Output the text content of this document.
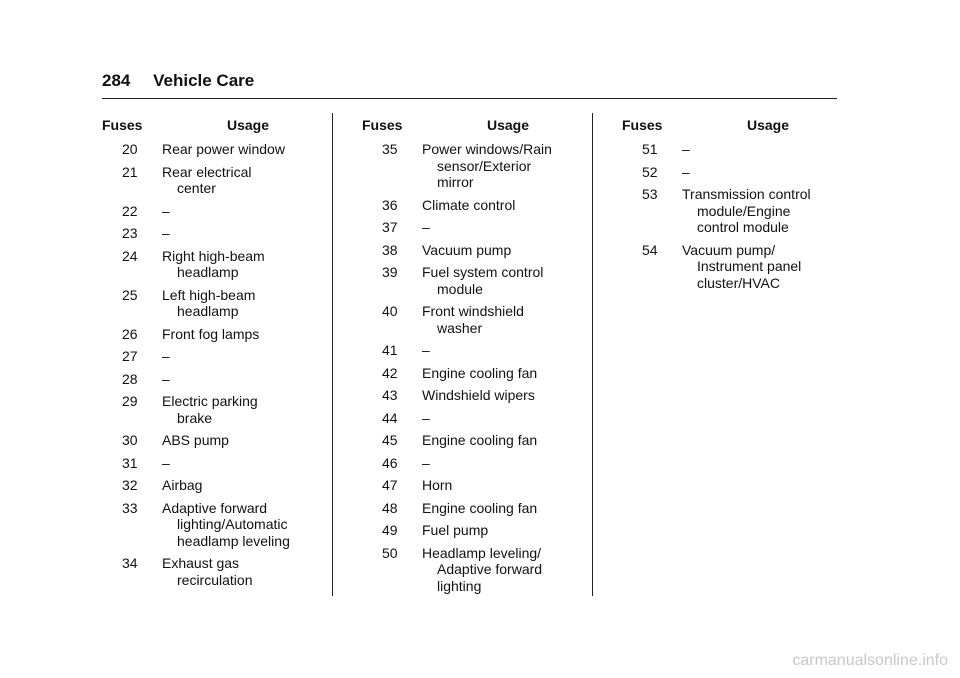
284 Vehicle Care
Fuses	Usage
20	Rear power window
21	Rear electrical
center
22	–
23	–
24	Right high-beam
headlamp
25	Left high-beam
headlamp
26	Front fog lamps
27	–
28	–
29	Electric parking
brake
30	ABS pump
31	–
32	Airbag
33	Adaptive forward
lighting/Automatic
headlamp leveling
34	Exhaust gas
recirculation
Fuses	Usage
35	Power windows/Rain
sensor/Exterior
mirror
36	Climate control
37	–
38	Vacuum pump
39	Fuel system control
module
40	Front windshield
washer
41	–
42	Engine cooling fan
43	Windshield wipers
44	–
45	Engine cooling fan
46	–
47	Horn
48	Engine cooling fan
49	Fuel pump
50	Headlamp leveling/
Adaptive forward
lighting
Fuses	Usage
51	–
52	–
53	Transmission control
module/Engine
control module
54	Vacuum pump/
Instrument panel
cluster/HVAC
carmanualsonline.info
